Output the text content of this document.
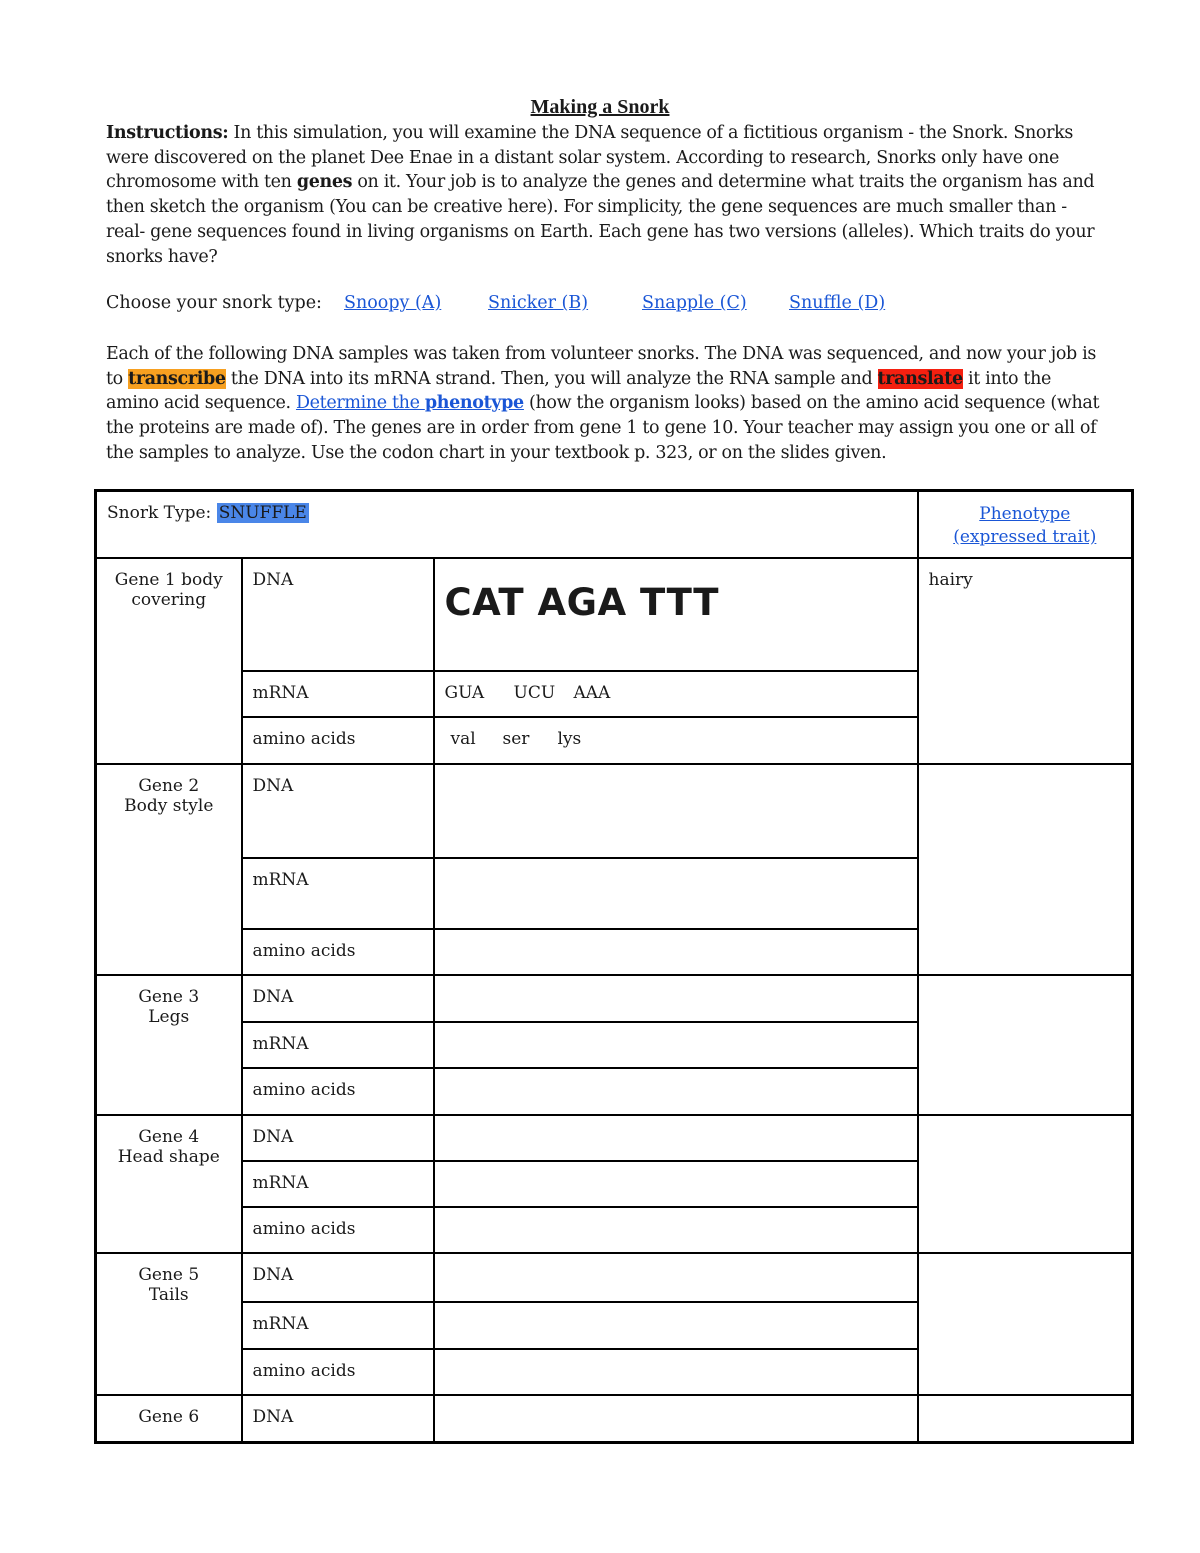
Making a Snork
Instructions: In this simulation, you will examine the DNA sequence of a fictitious organism - the Snork. Snorks were discovered on the planet Dee Enae in a distant solar system. According to research, Snorks only have one chromosome with ten genes on it. Your job is to analyze the genes and determine what traits the organism has and then sketch the organism (You can be creative here). For simplicity, the gene sequences are much smaller than -real- gene sequences found in living organisms on Earth. Each gene has two versions (alleles). Which traits do your snorks have?
Choose your snork type: Snoopy (A)	Snicker (B)	Snapple (C) Snuffle (D)
Each of the following DNA samples was taken from volunteer snorks. The DNA was sequenced, and now your job is to transcribe the DNA into its mRNA strand. Then, you will analyze the RNA sample and translate it into the amino acid sequence. Determine the phenotype (how the organism looks) based on the amino acid sequence (what the proteins are made of). The genes are in order from gene 1 to gene 10. Your teacher may assign you one or all of the samples to analyze. Use the codon chart in your textbook p. 323, or on the slides given.
Snork Type: SNUFFLE			Phenotype
(expressed trait)
Gene 1 body covering	DNA	CAT AGA TTT	hairy
	mRNA	GUA UCU AAA	
	amino acids	val ser lys	
Gene 2
Body style	DNA		
	mRNA		
	amino acids		
Gene 3
Legs	DNA		
	mRNA		
	amino acids		
Gene 4
Head shape	DNA		
	mRNA		
	amino acids		
Gene 5
Tails	DNA		
	mRNA		
	amino acids		
Gene 6	DNA		
